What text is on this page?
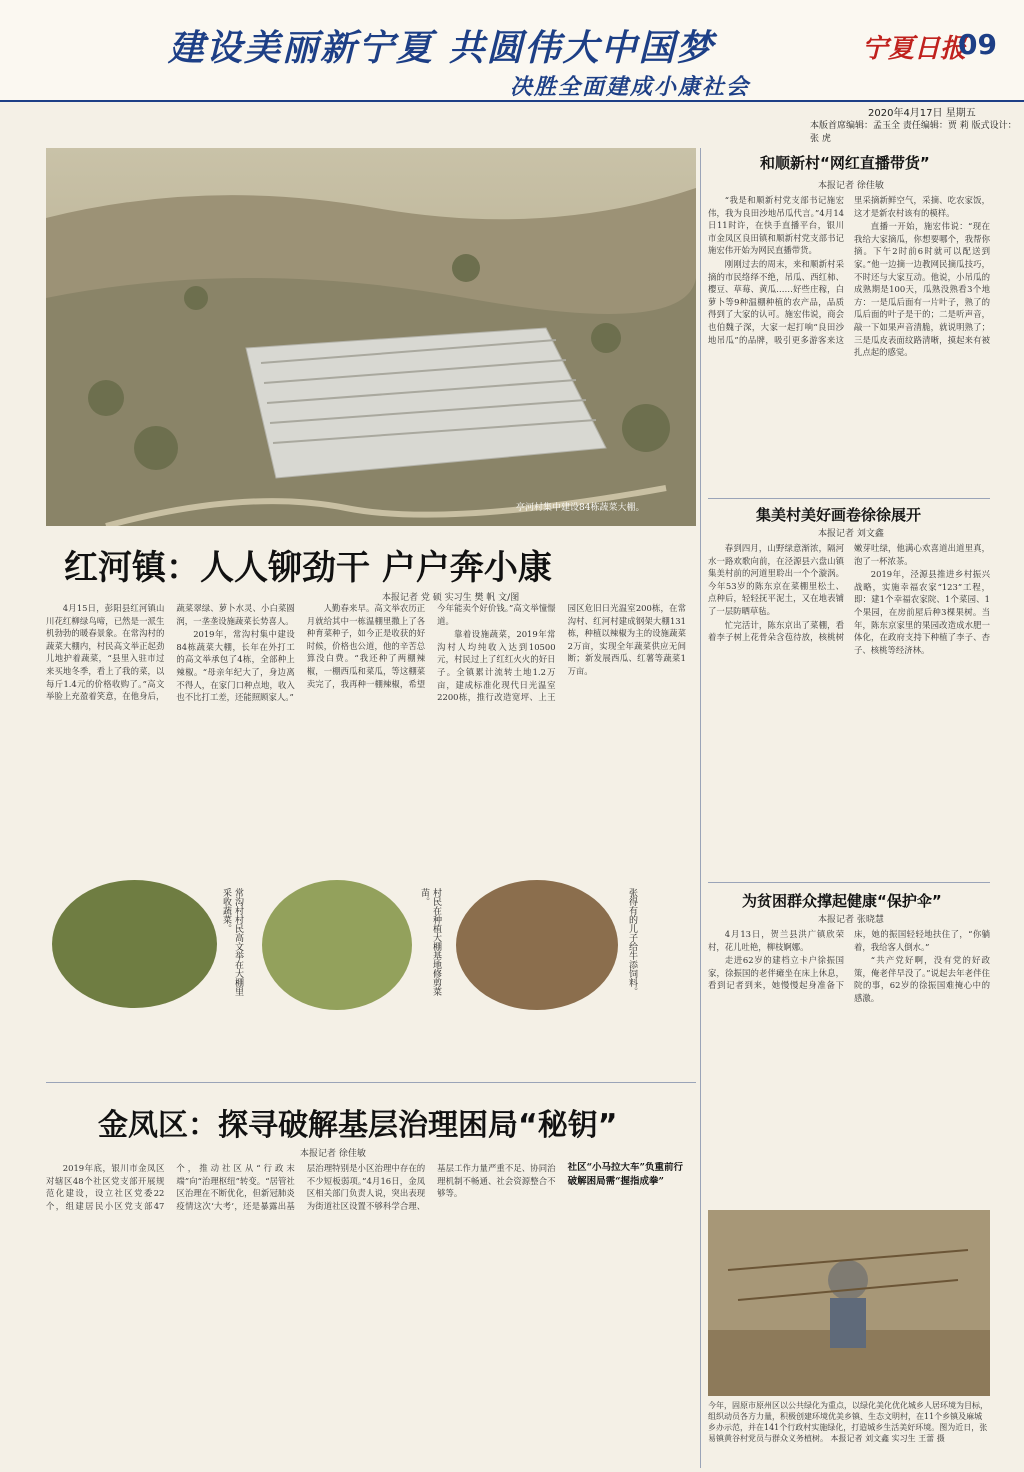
建设美丽新宁夏 共圆伟大中国梦
决胜全面建成小康社会
宁夏日报
09
2020年4月17日 星期五
本版首席编辑：孟玉全 责任编辑：贾 莉 版式设计：张 虎
亭河村集中建设84栋蔬菜大棚。
红河镇：人人铆劲干 户户奔小康
本报记者 党 硕 实习生 樊 帆 文/图

4月15日，彭阳县红河镇山川花红柳绿鸟啼，已然是一派生机勃勃的暖春景象。在常沟村的蔬菜大棚内，村民高文举正起劲儿地护着蔬菜，“县里入驻市过来买地冬季，看上了我的菜，以每斤1.4元的价格收购了。”高文举脸上充盈着笑意，在他身后，蔬菜翠绿、萝卜水灵、小白菜圆润，一垄垄设施蔬菜长势喜人。

2019年，常沟村集中建设84栋蔬菜大棚，长年在外打工的高文举承包了4栋，全部种上辣椒。“母亲年纪大了，身边离不得人，在家门口种点地，收入也不比打工差，还能照顾家人。”

人勤春来早。高文举农历正月就给其中一栋温棚里撒上了各种育菜种子，如今正是收获的好时候，价格也公道，他的辛苦总算没白费。“我还种了两棚辣椒，一棚西瓜和菜瓜，等这棚菜卖完了，我再种一棚辣椒，希望今年能卖个好价钱。”高文举憧憬道。

靠着设施蔬菜，2019年常沟村人均纯收入达到10500元，村民过上了红红火火的好日子。全镇累计流转土地1.2万亩，建成标准化现代日光温室2200栋，推行改造宽坪、上王园区危旧日光温室200栋，在常沟村、红河村建成钢架大棚131栋，种植以辣椒为主的设施蔬菜2万亩，实现全年蔬菜供应无间断；新发展西瓜、红薯等蔬菜1万亩。

常沟村村民高文举在大棚里采收蔬菜。	村民在种植大棚基地修剪菜苗。	张得有的儿子给牛添饲料。
金凤区：探寻破解基层治理困局“秘钥”
本报记者 徐佳敏

2019年底，银川市金凤区对辖区48个社区党支部开展规范化建设，设立社区党委22个，组建居民小区党支部47个，推动社区从“行政末端”向“治理枢纽”转变。“居管社区治理在不断优化，但新冠肺炎疫情这次‘大考’，还是暴露出基层治理特别是小区治理中存在的不少短板弱项。”4月16日，金凤区相关部门负责人说，突出表现为街道社区设置不够科学合理、基层工作力量严重不足、协同治理机制不畅通、社会资源整合不够等。

社区“小马拉大车”负重前行

破解困局需“握指成拳”

和顺新村“网红直播带货”
本报记者 徐佳敏

“我是和顺新村党支部书记施宏伟，我为良田沙地吊瓜代言。”4月14日11时许，在快手直播平台，银川市金凤区良田镇和顺新村党支部书记施宏伟开始为网民直播带货。

刚刚过去的周末，来和顺新村采摘的市民络绎不绝，吊瓜、西红柿、樱豆、草莓、黄瓜……好些庄稼，白萝卜等9种温棚种植的农产品，品质得到了大家的认可。施宏伟说，商会也伯魏子深，大家一起打响“良田沙地吊瓜”的品牌，吸引更多游客来这里采摘新鲜空气，采摘、吃农家饭，这才是新农村该有的模样。

直播一开始，施宏伟说：“现在我给大家摘瓜，你想要哪个，我帮你摘。下午2时前6时就可以配送到家。”他一边摘一边教网民摘瓜技巧，不时还与大家互动。他说，小吊瓜的成熟期是100天，瓜熟没熟看3个地方：一是瓜后面有一片叶子，熟了的瓜后面的叶子是干的；二是听声音，敲一下如果声音清脆，就说明熟了；三是瓜皮表面纹路清晰，摸起来有被扎点起的感觉。

集美村美好画卷徐徐展开
本报记者 刘文鑫

春到四月，山野绿意渐浓，隔河水一路欢歌向前，在泾源县六盘山镇集美村前的河道里聆出一个个漩涡。今年53岁的陈东京在菜棚里松土、点种后，轻轻抚平泥土，又在地表铺了一层防晒草毡。

忙完活计，陈东京出了菜棚，看着李子树上花骨朵含苞待放，核桃树嫩芽吐绿，他满心欢喜道出道里真，泡了一杯浓茶。

2019年，泾源县推进乡村振兴战略，实施幸福农家“123”工程，即：建1个幸福农家院、1个菜园、1个果园，在房前屋后种3棵果树。当年，陈东京家里的果园改造成水肥一体化，在政府支持下种植了李子、杏子、核桃等经济林。

为贫困群众撑起健康“保护伞”
本报记者 张晓慧

4月13日，贺兰县洪广镇欣荣村，花儿吐艳，柳枝婀娜。

走进62岁的建档立卡户徐振国家，徐振国的老伴瘫坐在床上休息，看到记者到来，她慢慢起身准备下床，她的振国轻轻地扶住了，“你躺着，我给客人倒水。”

“共产党好啊，没有党的好政策，俺老伴早没了。”说起去年老伴住院的事，62岁的徐振国难掩心中的感激。

今年，固原市原州区以公共绿化为重点，以绿化美化优化城乡人居环境为目标，组织动员各方力量，积极创建环境优美乡镇、生态文明村，在11个乡镇及麻城乡办示范，并在141个行政村实施绿化，打造城乡生活美好环境。图为近日，张易镇黄谷村党员与群众义务植树。 本报记者 刘文鑫 实习生 王蕾 摄
